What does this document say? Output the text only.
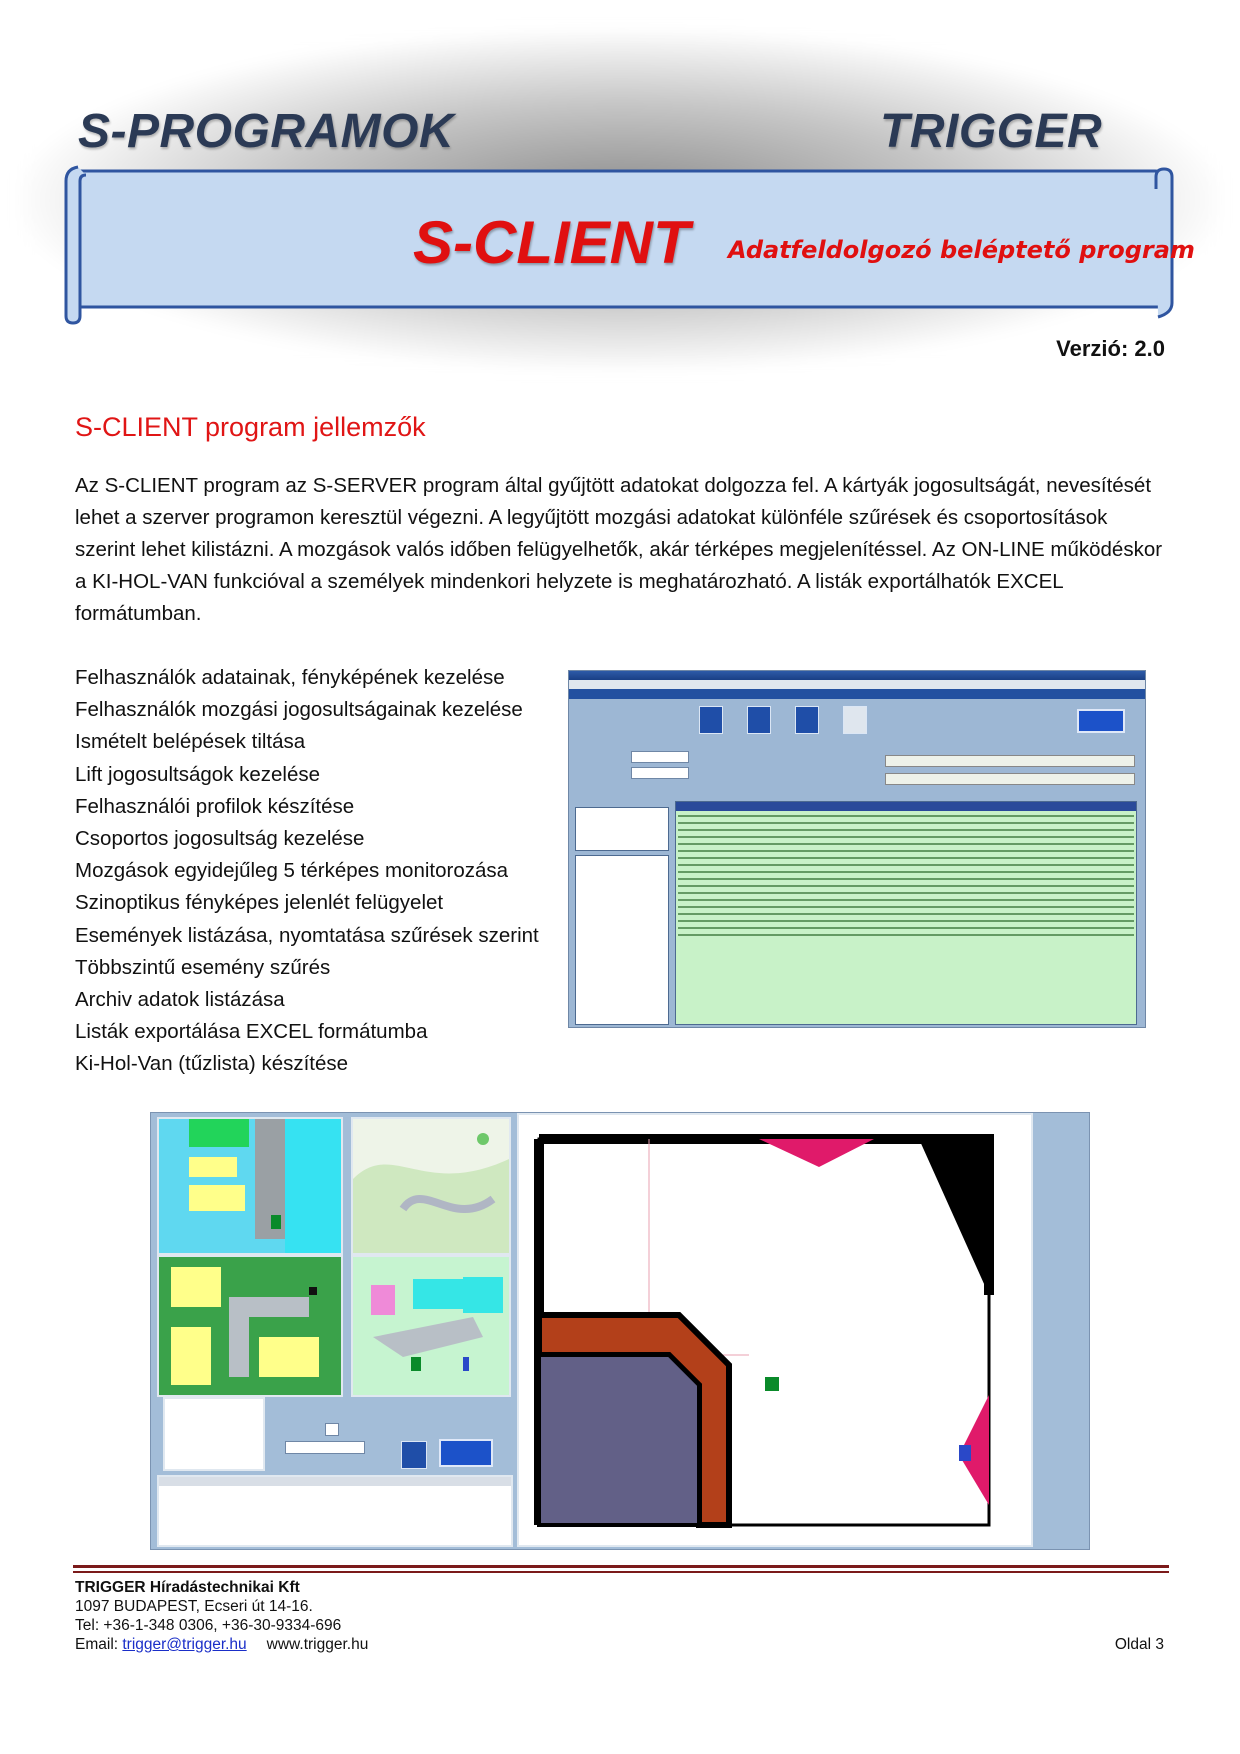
S-PROGRAMOK	TRIGGER
S-CLIENT Adatfeldolgozó beléptető program
Verzió: 2.0
S-CLIENT program jellemzők
Az S-CLIENT program az S-SERVER program által gyűjtött adatokat dolgozza fel. A kártyák jogosultságát, nevesítését lehet a szerver programon keresztül végezni. A legyűjtött mozgási adatokat különféle szűrések és csoportosítások szerint lehet kilistázni. A mozgások valós időben felügyelhetők, akár térképes megjelenítéssel. Az ON-LINE működéskor a KI-HOL-VAN funkcióval a személyek mindenkori helyzete is meghatározható. A listák exportálhatók EXCEL formátumban.
Felhasználók adatainak, fényképének kezelése
Felhasználók mozgási jogosultságainak kezelése
Ismételt belépések tiltása
Lift jogosultságok kezelése
Felhasználói profilok készítése
Csoportos jogosultság kezelése
Mozgások egyidejűleg 5 térképes monitorozása
Szinoptikus fényképes jelenlét felügyelet
Események listázása, nyomtatása szűrések szerint
Többszintű esemény szűrés
Archiv adatok listázása
Listák exportálása EXCEL formátumba
Ki-Hol-Van (tűzlista) készítése
TRIGGER Híradástechnikai Kft
1097 BUDAPEST, Ecseri út 14-16.
Tel: +36-1-348 0306, +36-30-9334-696
Email: trigger@trigger.hu www.trigger.hu	Oldal 3
